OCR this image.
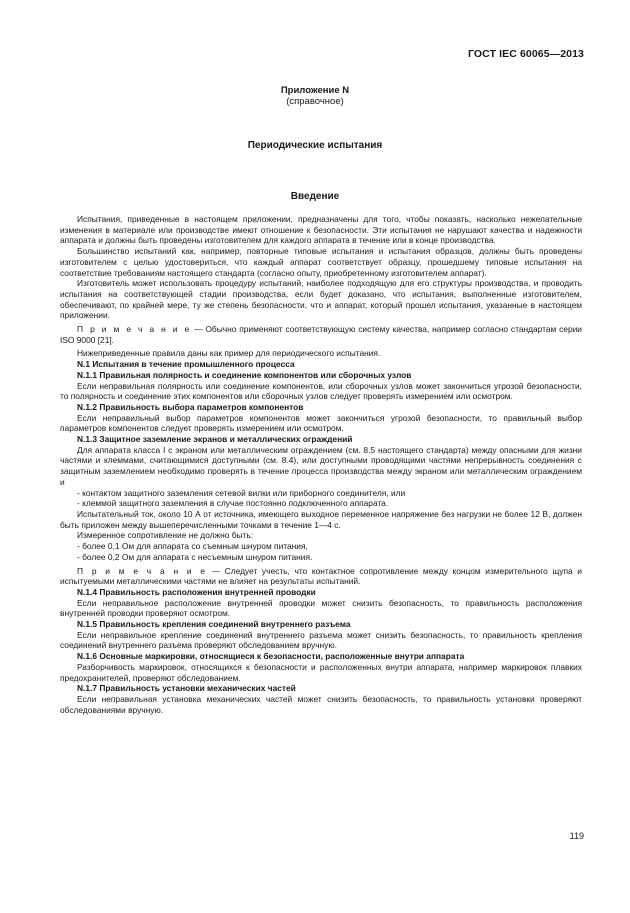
ГОСТ IEC 60065—2013
Приложение N
(справочное)
Периодические испытания
Введение

Испытания, приведенные в настоящем приложении, предназначены для того, чтобы показать, насколько нежелательные изменения в материале или производстве имеют отношение к безопасности. Эти испытания не нарушают качества и надежности аппарата и должны быть проведены изготовителем для каждого аппарата в течение или в конце производства.

Большинство испытаний как, например, повторные типовые испытания и испытания образцов, должны быть проведены изготовителем с целью удостовериться, что каждый аппарат соответствует образцу, прошедшему типовые испытания на соответствие требованиям настоящего стандарта (согласно опыту, приобретенному изготовителем аппарат).

Изготовитель может использовать процедуру испытаний, наиболее подходящую для его структуры производства, и проводить испытания на соответствующей стадии производства, если будет доказано, что испытания, выполненные изготовителем, обеспечивают, по крайней мере, ту же степень безопасности, что и аппарат, который прошел испытания, указанные в настоящем приложении.

П р и м е ч а н и е — Обычно применяют соответствующую систему качества, например согласно стандартам серии ISO 9000 [21].

Нижеприведенные правила даны как пример для периодического испытания.

N.1 Испытания в течение промышленного процесса

N.1.1 Правильная полярность и соединение компонентов или сборочных узлов

Если неправильная полярность или соединение компонентов, или сборочных узлов может закончиться угрозой безопасности, то полярность и соединение этих компонентов или сборочных узлов следует проверять измерением или осмотром.

N.1.2 Правильность выбора параметров компонентов

Если неправильный выбор параметров компонентов может закончиться угрозой безопасности, то правильный выбор параметров компонентов следует проверять измерением или осмотром.

N.1.3 Защитное заземление экранов и металлических ограждений

Для аппарата класса I с экраном или металлическим ограждением (см. 8.5 настоящего стандарта) между опасными для жизни частями и клеммами, считающимися доступными (см. 8.4), или доступными проводящими частями непрерывность соединения с защитным заземлением необходимо проверять в течение процесса производства между экраном или металлическим ограждением и

- контактом защитного заземления сетевой вилки или приборного соединителя, или

- клеммой защитного заземления в случае постоянно подключенного аппарата.

Испытательный ток, около 10 А от источника, имеющего выходное переменное напряжение без нагрузки не более 12 В, должен быть приложен между вышеперечисленными точками в течение 1—4 с.

Измеренное сопротивление не должно быть:

- более 0,1 Ом для аппарата со съемным шнуром питания,

- более 0,2 Ом для аппарата с несъемным шнуром питания.

П р и м е ч а н и е — Следует учесть, что контактное сопротивление между концом измерительного щупа и испытуемыми металлическими частями не влияет на результаты испытаний.

N.1.4 Правильность расположения внутренней проводки

Если неправильное расположение внутренней проводки может снизить безопасность, то правильность расположения внутренней проводки проверяют осмотром.

N.1.5 Правильность крепления соединений внутреннего разъема

Если неправильное крепление соединений внутреннего разъема может снизить безопасность, то правильность крепления соединений внутреннего разъема проверяют обследованием вручную.

N.1.6 Основные маркировки, относящиеся к безопасности, расположенные внутри аппарата

Разборчивость маркировок, относящихся к безопасности и расположенных внутри аппарата, например маркировок плавких предохранителей, проверяют обследованием.

N.1.7 Правильность установки механических частей

Если неправильная установка механических частей может снизить безопасность, то правильность установки проверяют обследованиями вручную.

119
